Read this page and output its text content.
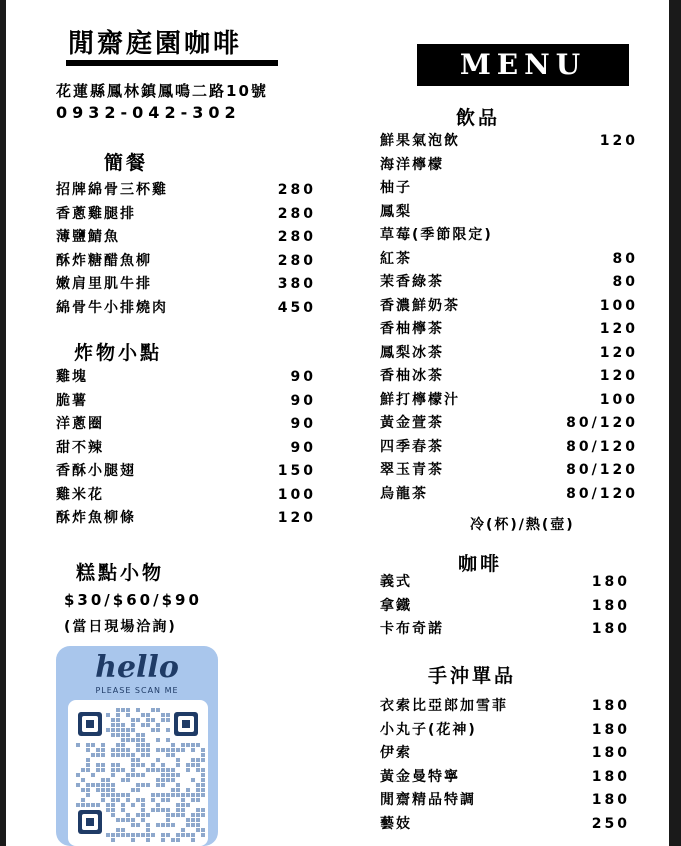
閒齋庭園咖啡
花蓮縣鳳林鎮鳳鳴二路10號
0932-042-302
MENU
簡餐
招牌綿骨三杯雞	280
香蔥雞腿排	280
薄鹽鯖魚	280
酥炸糖醋魚柳	280
嫩肩里肌牛排	380
綿骨牛小排燒肉	450
炸物小點
雞塊	90
脆薯	90
洋蔥圈	90
甜不辣	90
香酥小腿翅	150
雞米花	100
酥炸魚柳條	120
糕點小物
$30/$60/$90
(當日現場洽詢)
hello
PLEASE SCAN ME
飲品
鮮果氣泡飲	120
海洋檸檬
柚子
鳳梨
草莓(季節限定)
紅茶	80
茉香綠茶	80
香濃鮮奶茶	100
香柚檸茶	120
鳳梨冰茶	120
香柚冰茶	120
鮮打檸檬汁	100
黃金萱茶	80/120
四季春茶	80/120
翠玉青茶	80/120
烏龍茶	80/120
冷(杯)/熱(壺)
咖啡
義式	180
拿鐵	180
卡布奇諾	180
手沖單品
衣索比亞郎加雪菲	180
小丸子(花神)	180
伊索	180
黃金曼特寧	180
閒齋精品特調	180
藝妓	250
